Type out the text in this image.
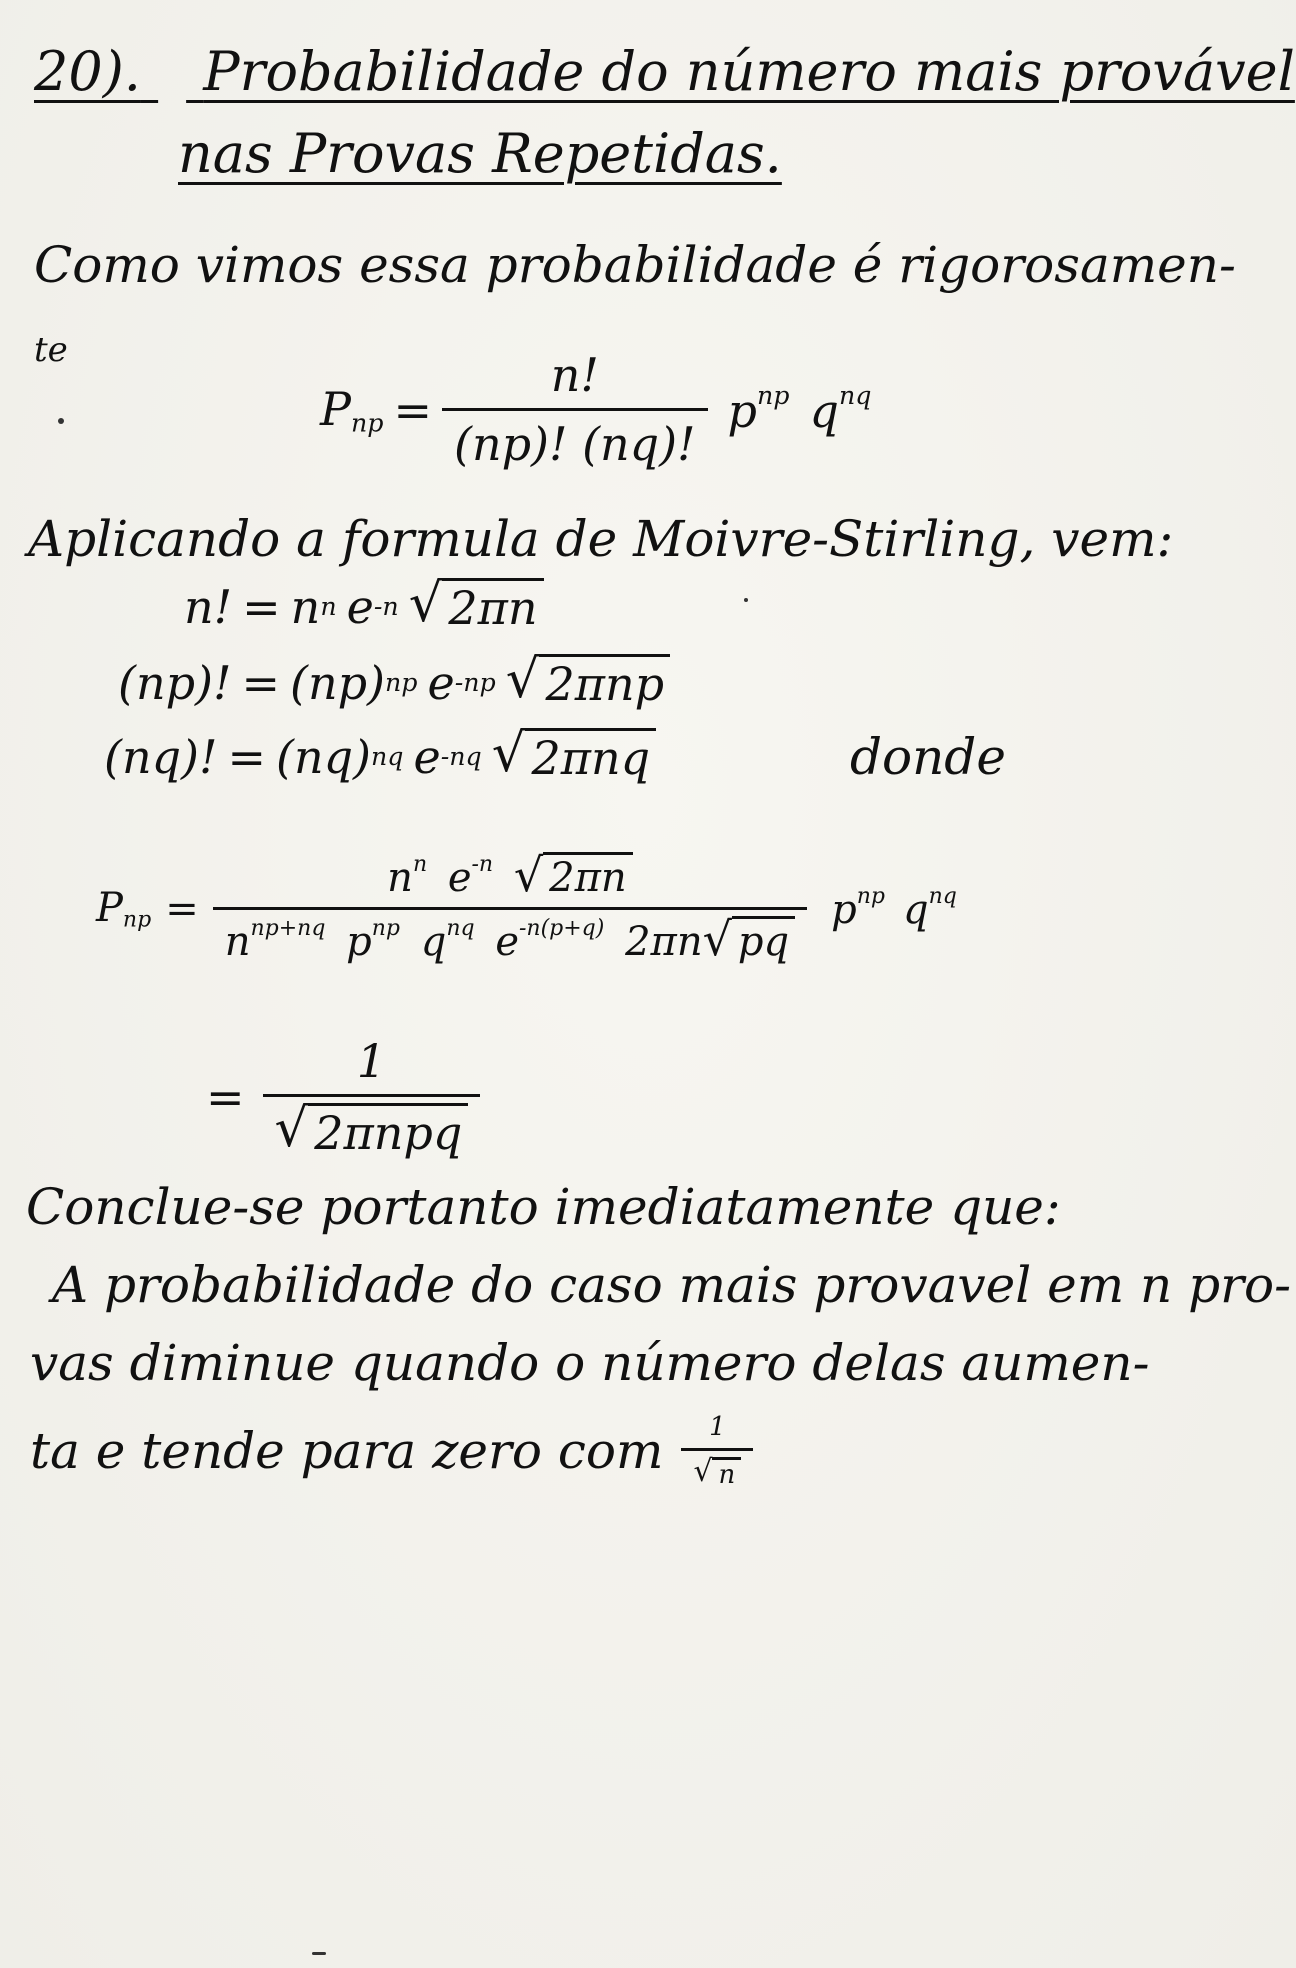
20). Probabilidade do número mais provável
nas Provas Repetidas.
Como vimos essa probabilidade é rigorosamen-
te
$P_{np} = \frac{n!}{(np)! (nq)!} p^{np}$ $q^{nq}$
Aplicando a formula de Moivre-Stirling, vem:
n! = n n e -n √ 2πn
(np)! = (np) np e -np √ 2πnp
(nq)! = (nq) nq e -nq √ 2πnq	donde
$P_{np} = \frac{n^n e^{-n} √ 2\pi n}{n^{np+nq} p^{np} q^{nq} e^{-n(p+q)} 2\pi n √ pq} p^{np}$ $q^{nq}$
= $\frac{1}{\text{√ 2πnpq}}$
Conclue-se portanto imediatamente que:
A probabilidade do caso mais provavel em n pro-
vas diminue quando o número delas aumen-
ta e tende para zero com $\frac{1}{√ n}$
